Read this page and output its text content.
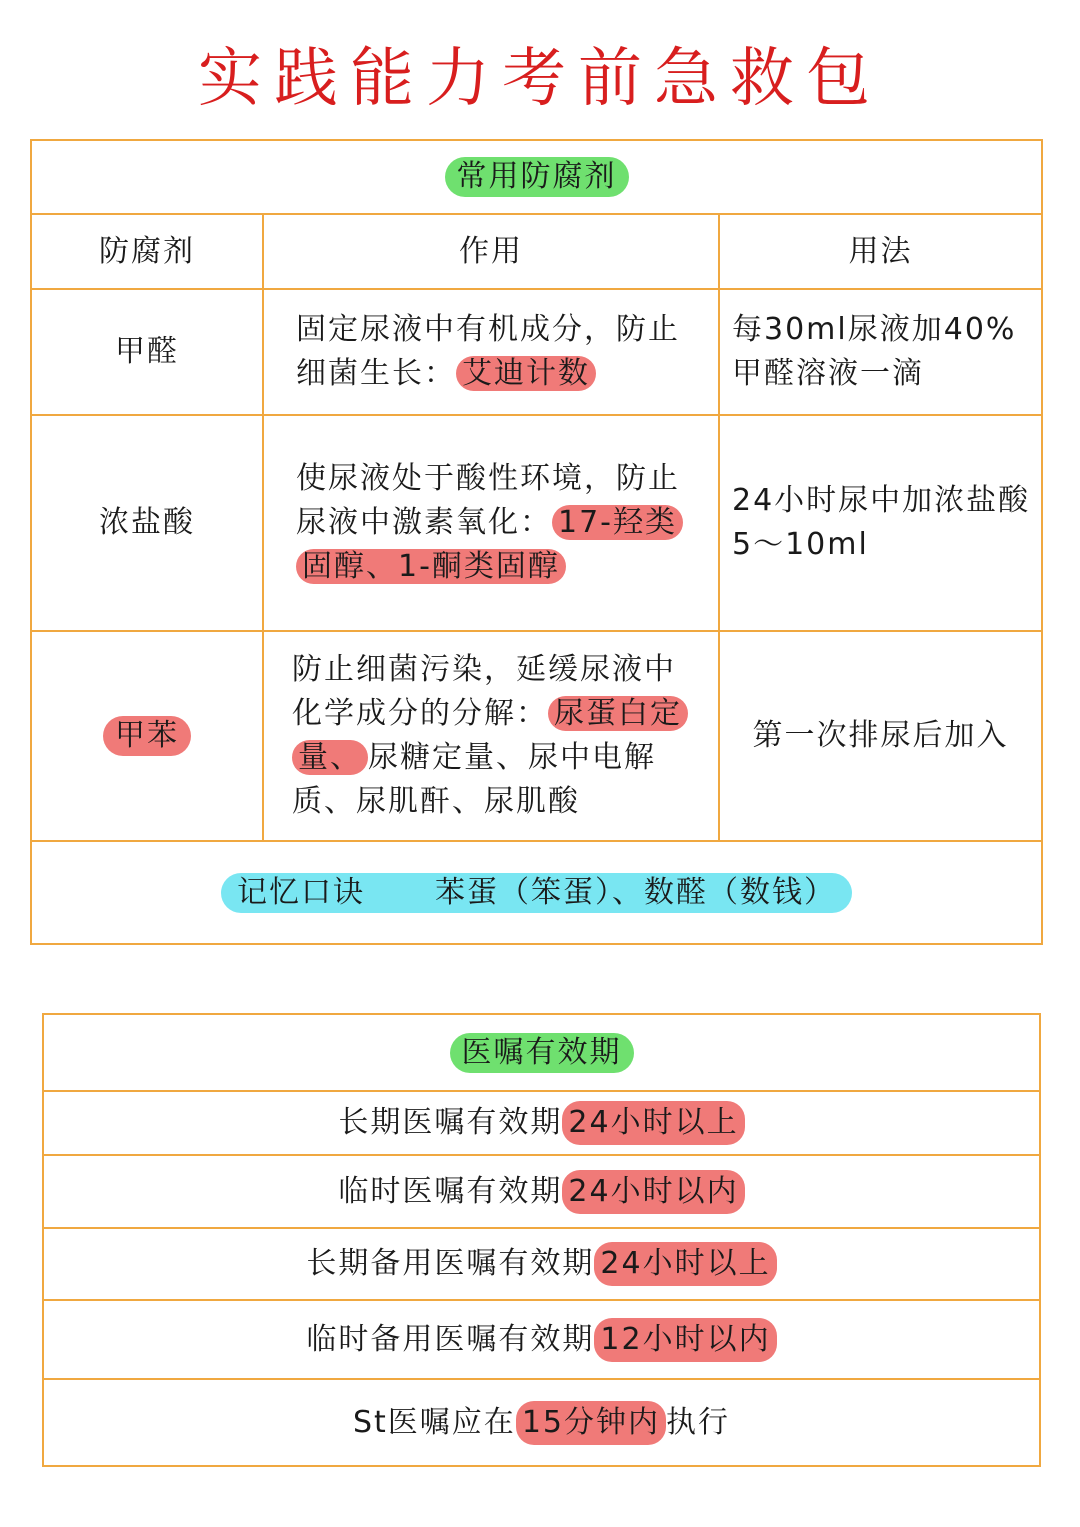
实践能力考前急救包
常用防腐剂
防腐剂	作用	用法
甲醛
固定尿液中有机成分，防止细菌生长： 艾迪计数
每30ml尿液加40%甲醛溶液一滴
浓盐酸
使尿液处于酸性环境，防止尿液中激素氧化： 17-羟类固醇、1-酮类固醇
24小时尿中加浓盐酸5～10ml
甲苯
防止细菌污染，延缓尿液中化学成分的分解： 尿蛋白定量、 尿糖定量、尿中电解质、尿肌酐、尿肌酸
第一次排尿后加入
记忆口诀 苯蛋（笨蛋）、数醛（数钱）
医嘱有效期
长期医嘱有效期 24小时以上
临时医嘱有效期 24小时以内
长期备用医嘱有效期 24小时以上
临时备用医嘱有效期 12小时以内
St医嘱应在 15分钟内 执行
